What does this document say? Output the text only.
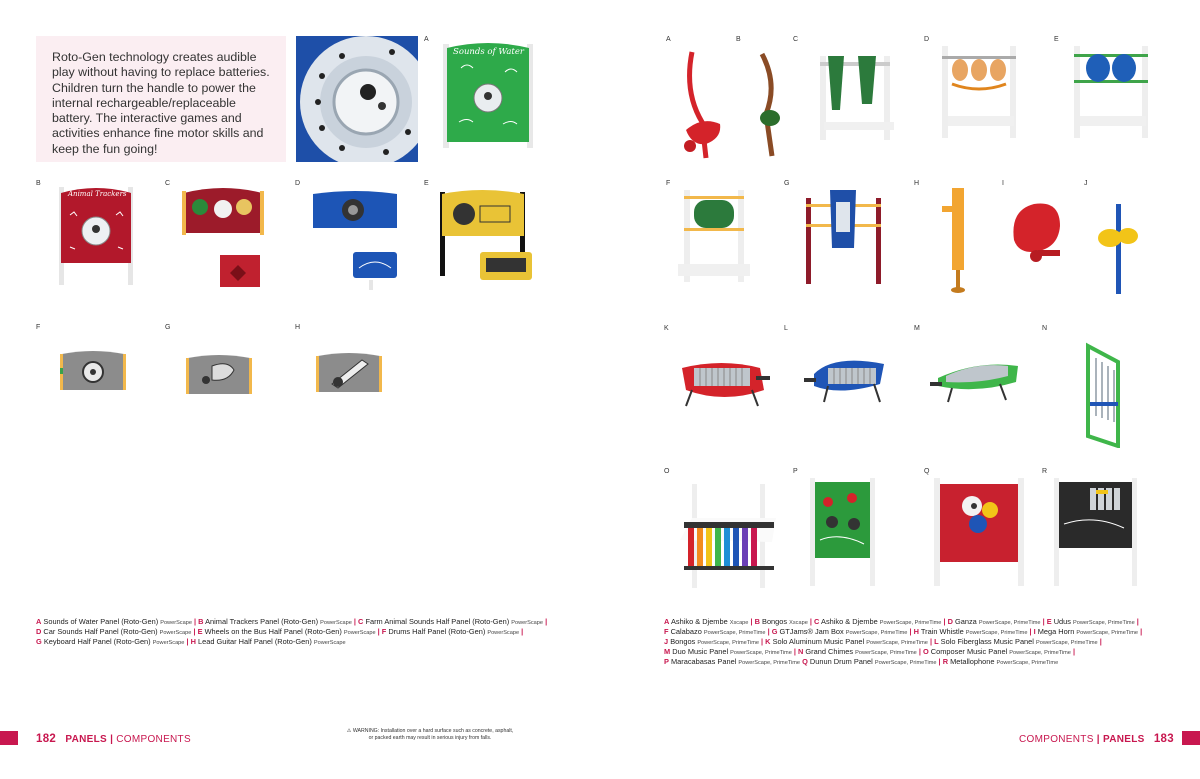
Roto-Gen technology creates audible play without having to replace batteries. Children turn the handle to power the internal rechargeable/replaceable battery. The interactive games and activities enhance fine motor skills and keep the fun going!
A
B	C	D	E
F	G	H
Sounds of Water
Animal Trackers
A Sounds of Water Panel (Roto-Gen) PowerScape | B Animal Trackers Panel (Roto-Gen) PowerScape | C Farm Animal Sounds Half Panel (Roto-Gen) PowerScape |
D Car Sounds Half Panel (Roto-Gen) PowerScape | E Wheels on the Bus Half Panel (Roto-Gen) PowerScape | F Drums Half Panel (Roto-Gen) PowerScape |
G Keyboard Half Panel (Roto-Gen) PowerScape | H Lead Guitar Half Panel (Roto-Gen) PowerScape
182 PANELS | COMPONENTS
⚠ WARNING: Installation over a hard surface such as concrete, asphalt,
or packed earth may result in serious injury from falls.
A	B	C	D	E
F	G	H	I	J
K	L	M	N
O	P	Q	R
A Ashiko & Djembe Xscape | B Bongos Xscape | C Ashiko & Djembe PowerScape, PrimeTime | D Ganza PowerScape, PrimeTime | E Udus PowerScape, PrimeTime |
F Calabazo PowerScape, PrimeTime | G GTJams® Jam Box PowerScape, PrimeTime | H Train Whistle PowerScape, PrimeTime | I Mega Horn PowerScape, PrimeTime |
J Bongos PowerScape, PrimeTime | K Solo Aluminum Music Panel PowerScape, PrimeTime | L Solo Fiberglass Music Panel PowerScape, PrimeTime |
M Duo Music Panel PowerScape, PrimeTime | N Grand Chimes PowerScape, PrimeTime | O Composer Music Panel PowerScape, PrimeTime |
P Maracabasas Panel PowerScape, PrimeTime Q Dunun Drum Panel PowerScape, PrimeTime | R Metallophone PowerScape, PrimeTime
COMPONENTS | PANELS 183
